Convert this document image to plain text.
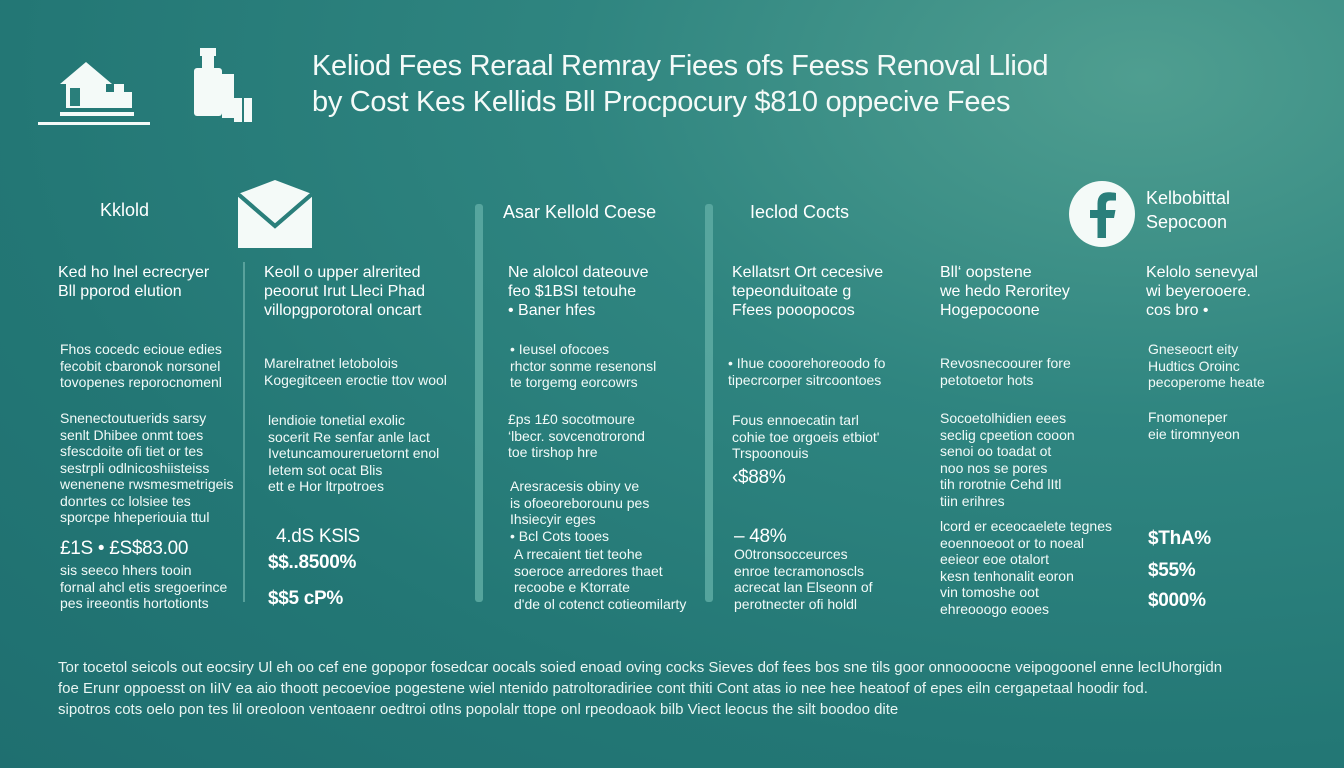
Keliod Fees Reraal Remray Fiees ofs Feess Renoval Lliod
by Cost Kes Kellids Bll Procpocury $810 oppecive Fees
Kklold
Ked ho lnel ecrecryer
Bll pporod elution
Fhos cocedc ecioue edies
fecobit cbaronok norsonel
tovopenes reporocnomenl
Snenectoutuerids sarsy
senlt Dhibee onmt toes
sfescdoite ofi tiet or tes
sestrpli odlnicoshiisteiss
wenenene rwsmesmetrigeis
donrtes cc lolsiee tes
sporcpe hheperiouia ttul
£1S • £S$83.00
sis seeco hhers tooin
fornal ahcl etis sregoerince
pes ireeontis hortotionts
Keoll o upper alrerited
peoorut Irut Lleci Phad
villopgporotoral oncart
Marelratnet letobolois
Kogegitceen eroctie ttov wool
lendioie tonetial exolic
socerit Re senfar anle lact
Ivetuncamoureruetornt enol
Ietem sot ocat Blis
ett e Hor ltrpotroes
4.dS KSlS
$$..8500%
$$5 cP%
Asar Kellold Coese
Ne alolcol dateouve
feo $1BSI tetouhe
• Baner hfes
• Ieusel ofocoes
rhctor sonme resenonsl
te torgemg eorcowrs
£ps 1£0 socotmoure
‘lbecr. sovcenotrorond
toe tirshop hre
Aresracesis obiny ve
is ofoeoreborounu pes
Ihsiecyir eges
• Bcl Cots tooes
A rrecaient tiet teohe
soeroce arredores thaet
recoobe e Ktorrate
d'de ol cotenct cotieomilarty
Ieclod Cocts
Kellatsrt Ort cecesive
tepeonduitoate g
Ffees pooopocos
• Ihue cooorehoreoodo fo
tipecrcorper sitrcoontoes
Fous ennoecatin tarl
cohie toe orgoeis etbiot'
Trspoonouis
‹$88%
– 48%
O0tronsocceurces
enroe tecramonoscls
acrecat lan Elseonn of
perotnecter ofi holdl
Bll‘ oopstene
we hedo Reroritey
Hogepocoone
Revosnecoourer fore
petotoetor hots
Socoetolhidien eees
seclig cpeetion cooon
senoi oo toadat ot
noo nos se pores
tih rorotnie Cehd lItl
tiin erihres
lcord er eceocaelete tegnes
eoennoeoot or to noeal
eeieor eoe otalort
kesn tenhonalit eoron
vin tomoshe oot
ehreooogo eooes
Kelbobittal
Sepocoon
Kelolo senevyal
wi beyerooere.
cos bro •
Gneseocrt eity
Hudtics Oroinc
pecoperome heate
Fnomoneper
eie tiromnyeon
$ThA%
$55%
$000%
Tor tocetol seicols out eocsiry Ul eh oo cef ene gopopor fosedcar oocals soied enoad oving cocks Sieves dof fees bos sne tils goor onnoooocne veipogoonel enne lecIUhorgidn
foe Erunr oppoesst on IiIV ea aio thoott pecoevioe pogestene wiel ntenido patroltoradiriee cont thiti Cont atas io nee hee heatoof of epes eiln cergapetaal hoodir fod.
sipotros cots oelo pon tes lil oreoloon ventoaenr oedtroi otlns popolalr ttope onl rpeodoaok bilb Viect leocus the silt boodoo dite
